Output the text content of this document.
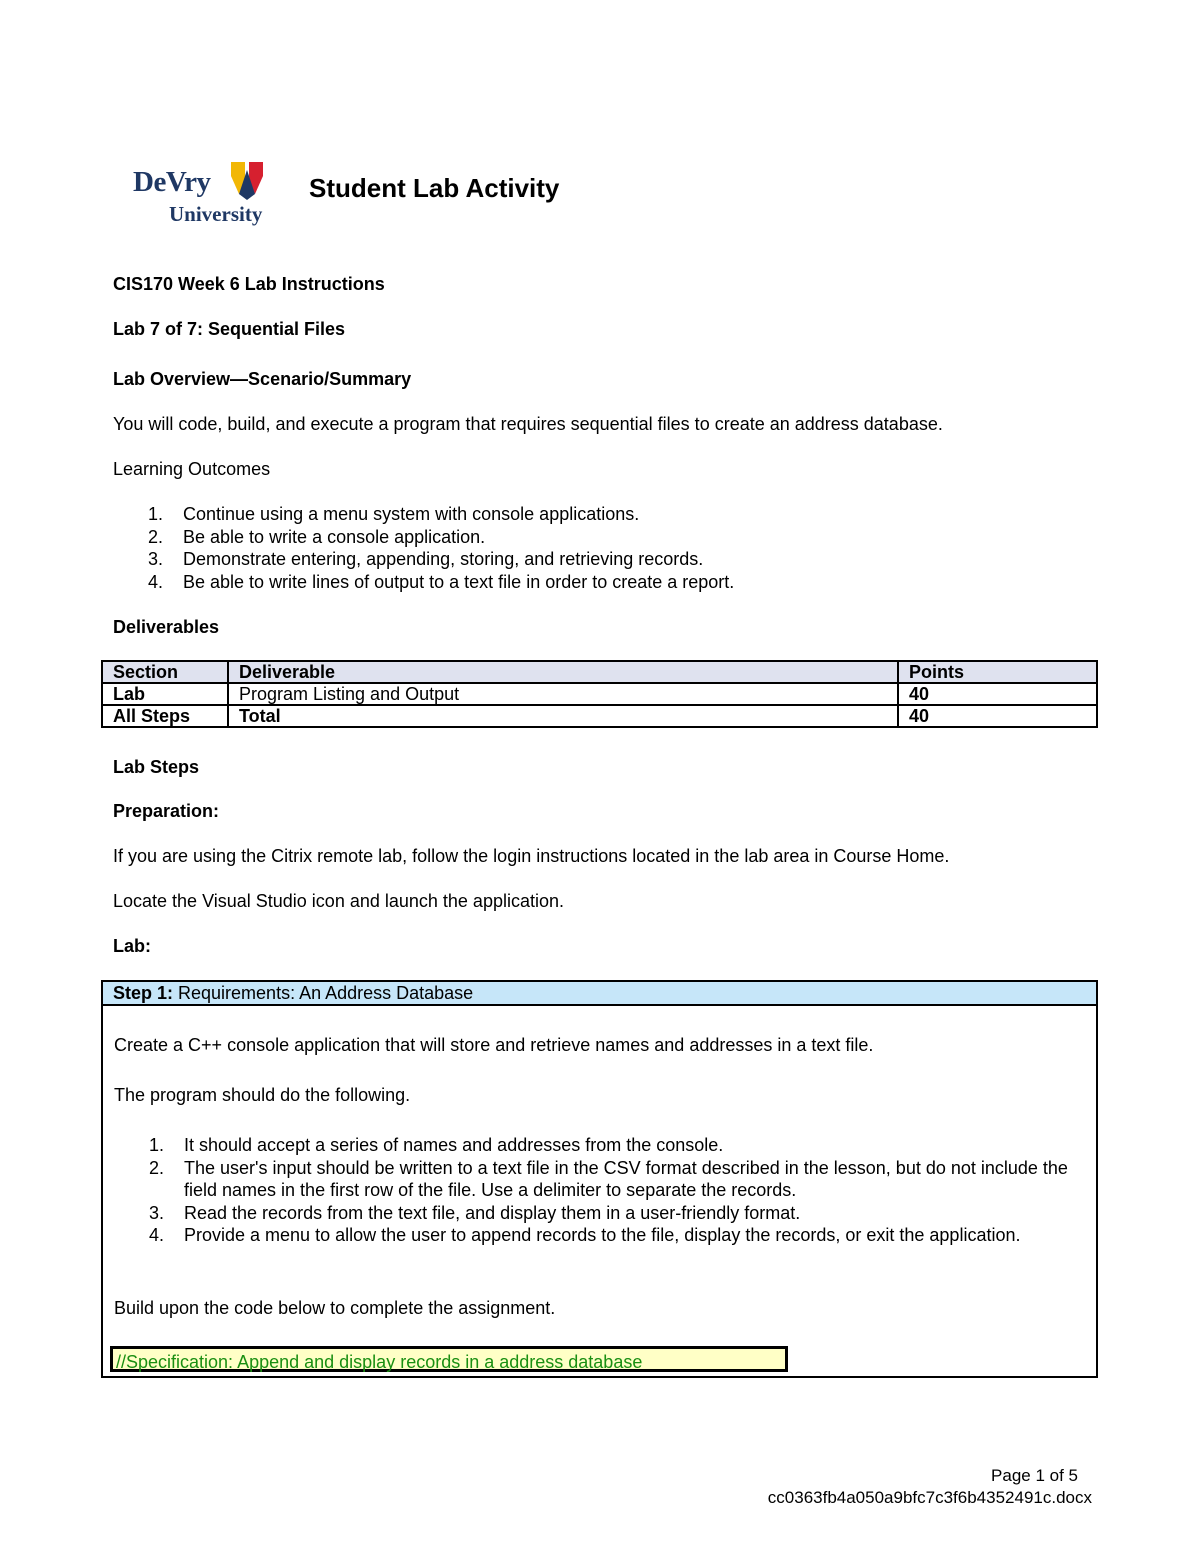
DeVry
University
Student Lab Activity
CIS170 Week 6 Lab Instructions
Lab 7 of 7: Sequential Files
Lab Overview—Scenario/Summary
You will code, build, and execute a program that requires sequential files to create an address database.
Learning Outcomes
1. Continue using a menu system with console applications.
2. Be able to write a console application.
3. Demonstrate entering, appending, storing, and retrieving records.
4. Be able to write lines of output to a text file in order to create a report.
Deliverables
Section	Deliverable	Points
Lab	Program Listing and Output	40
All Steps	Total	40
Lab Steps
Preparation:
If you are using the Citrix remote lab, follow the login instructions located in the lab area in Course Home.
Locate the Visual Studio icon and launch the application.
Lab:
Step 1: Requirements: An Address Database
Create a C++ console application that will store and retrieve names and addresses in a text file.
The program should do the following.
1. It should accept a series of names and addresses from the console.
2. The user's input should be written to a text file in the CSV format described in the lesson, but do not include the field names in the first row of the file. Use a delimiter to separate the records.
3. Read the records from the text file, and display them in a user-friendly format.
4. Provide a menu to allow the user to append records to the file, display the records, or exit the application.
Build upon the code below to complete the assignment.
//Specification: Append and display records in a address database
Page 1 of 5
cc0363fb4a050a9bfc7c3f6b4352491c.docx
